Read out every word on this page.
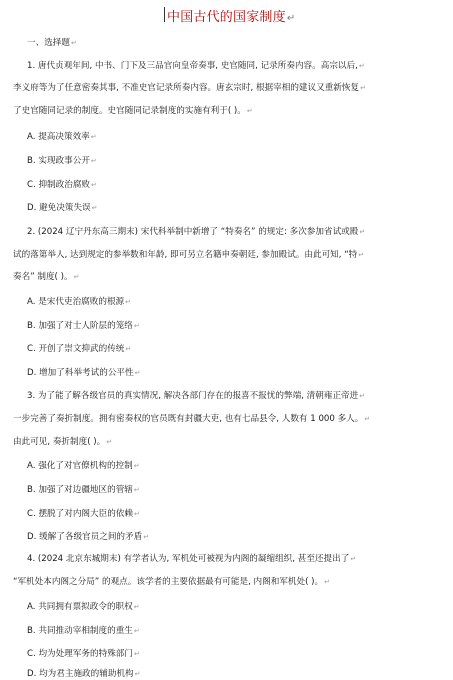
中国古代的国家制度↵
一、选择题↵
1. 唐代贞观年间, 中书、门下及三品官向皇帝奏事, 史官随同, 记录所奏内容。高宗以后,↵
李义府等为了任意密奏其事, 不准史官记录所奏内容。唐玄宗时, 根据宰相的建议又重新恢复↵
了史官随同记录的制度。史官随同记录制度的实施有利于( )。↵
A. 提高决策效率↵
B. 实现政事公开↵
C. 抑制政治腐败↵
D. 避免决策失误↵
2. (2024 辽宁丹东高三期末) 宋代科举制中新增了 “特奏名” 的规定: 多次参加省试或殿↵
试的落第举人, 达到规定的参举数和年龄, 即可另立名籍申奏朝廷, 参加殿试。由此可知, “特↵
奏名” 制度( )。↵
A. 是宋代吏治腐败的根源↵
B. 加强了对士人阶层的笼络↵
C. 开创了崇文抑武的传统↵
D. 增加了科举考试的公平性↵
3. 为了能了解各级官员的真实情况, 解决各部门存在的报喜不报忧的弊端, 清朝雍正帝进↵
一步完善了奏折制度。拥有密奏权的官员既有封疆大吏, 也有七品县令, 人数有 1 000 多人。↵
由此可见, 奏折制度( )。↵
A. 强化了对官僚机构的控制↵
B. 加强了对边疆地区的管辖↵
C. 摆脱了对内阁大臣的依赖↵
D. 缓解了各级官员之间的矛盾↵
4. (2024 北京东城期末) 有学者认为, 军机处可被视为内阁的凝缩组织, 甚至还提出了↵
“军机处本内阁之分局” 的观点。该学者的主要依据最有可能是, 内阁和军机处( )。↵
A. 共同拥有票拟政令的职权↵
B. 共同推动宰相制度的重生↵
C. 均为处理军务的特殊部门↵
D. 均为君主施政的辅助机构↵
